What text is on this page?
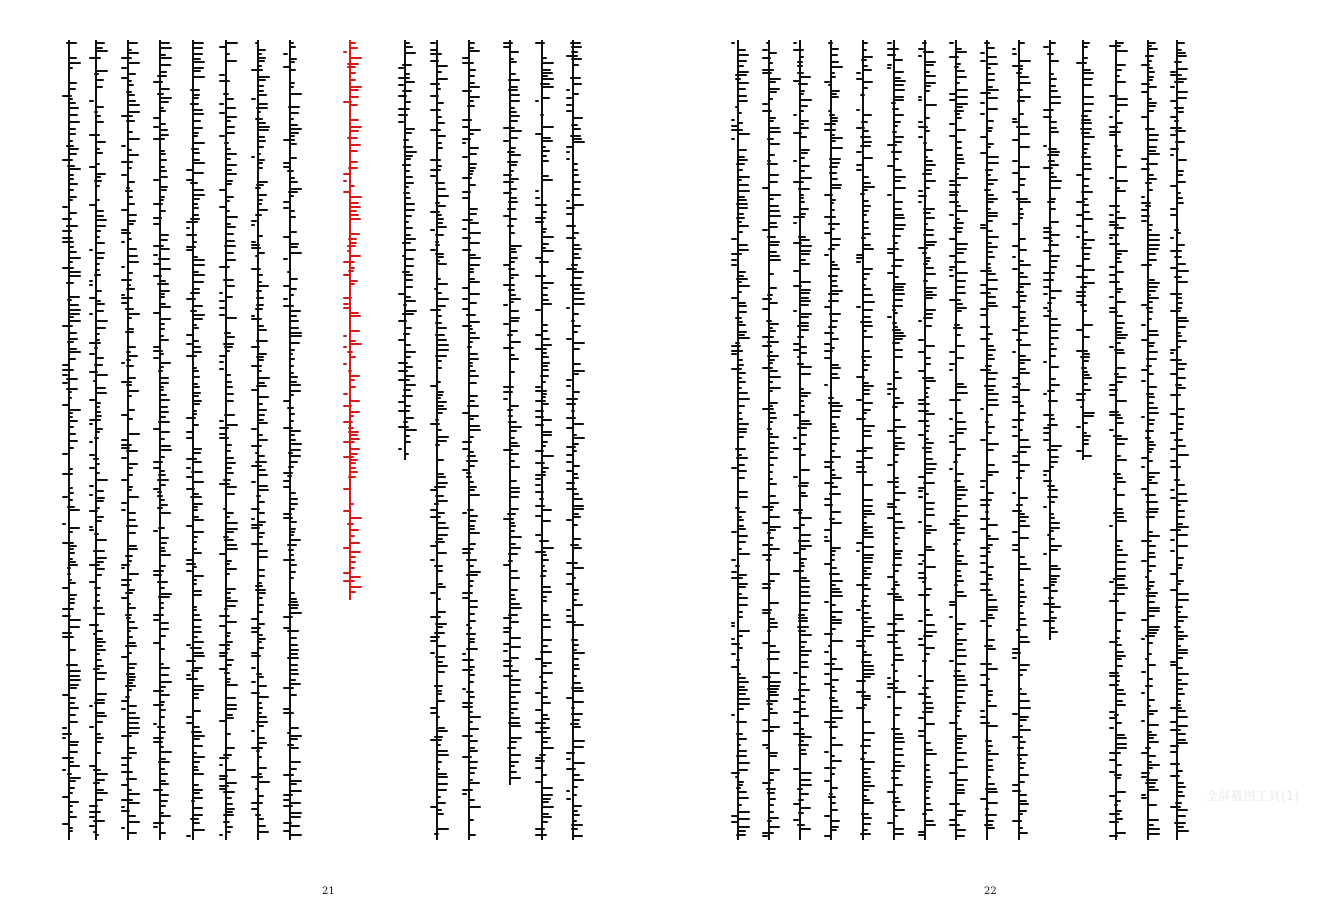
21	22
全屏截图工具(1)
